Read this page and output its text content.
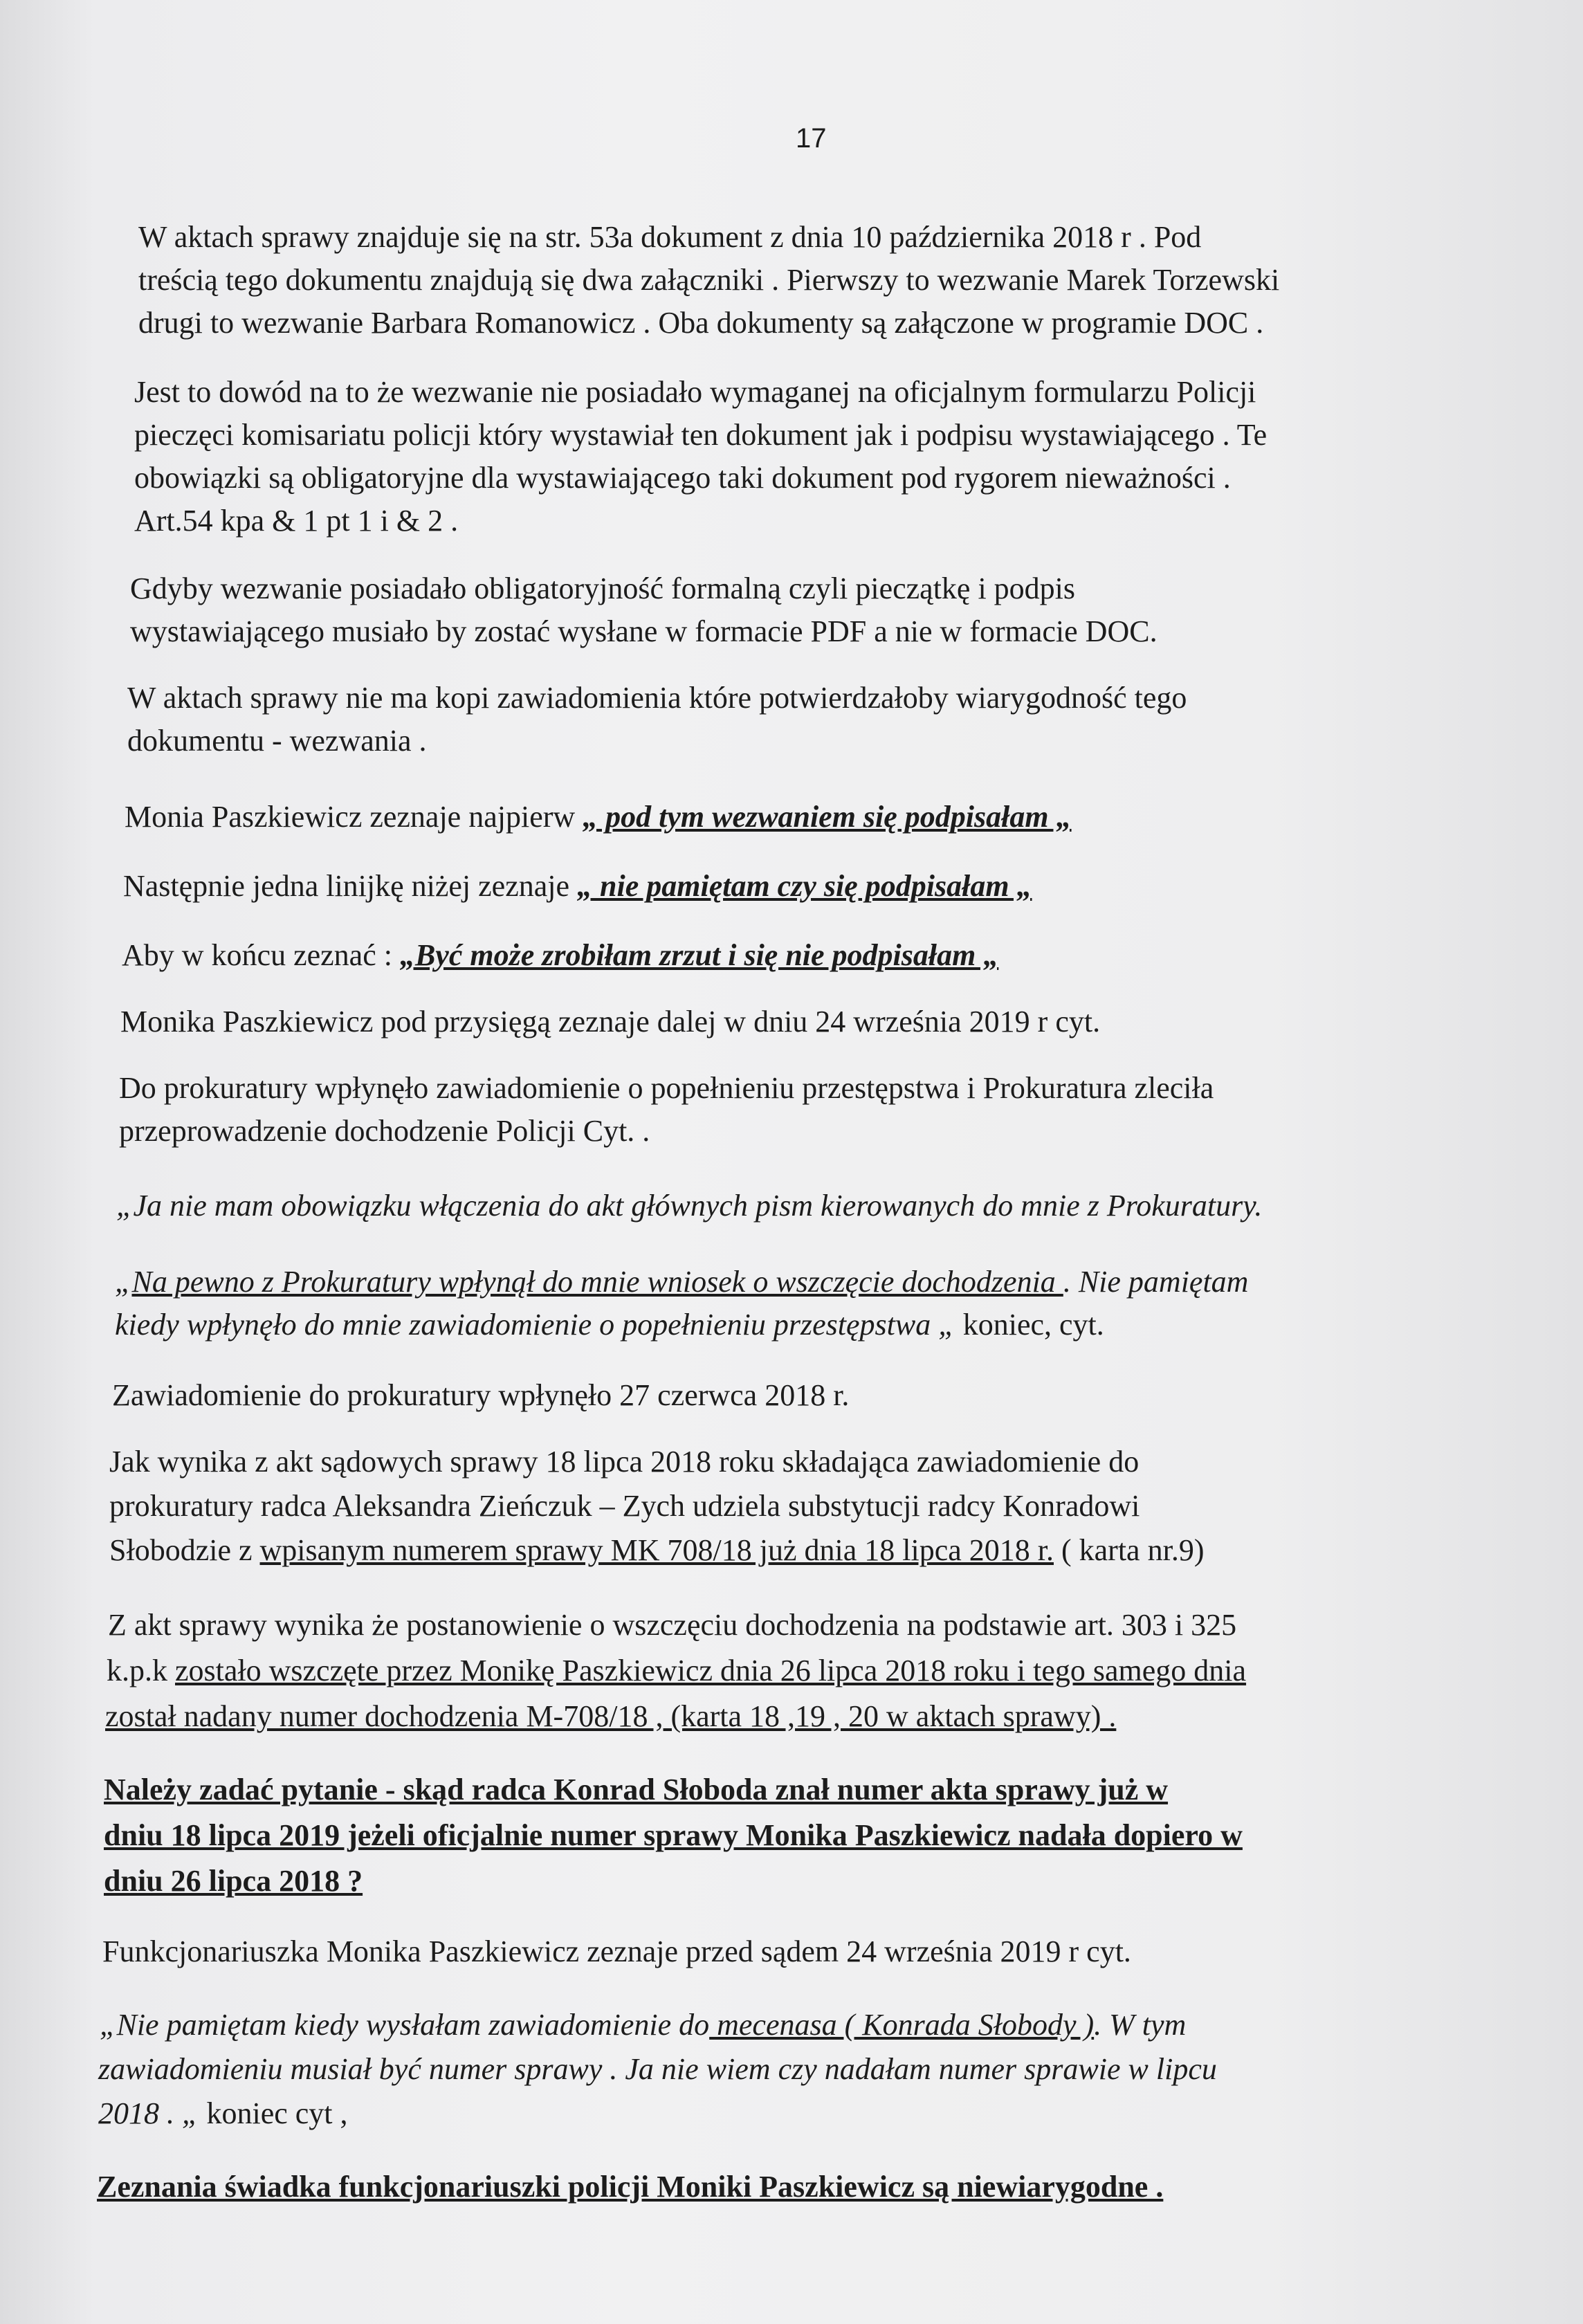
17

W aktach sprawy znajduje się na str. 53a dokument z dnia 10 października 2018 r . Pod
treścią tego dokumentu znajdują się dwa załączniki . Pierwszy to wezwanie Marek Torzewski
drugi to wezwanie Barbara Romanowicz . Oba dokumenty są załączone w programie DOC .

Jest to dowód na to że wezwanie nie posiadało wymaganej na oficjalnym formularzu Policji
pieczęci komisariatu policji który wystawiał ten dokument jak i podpisu wystawiającego . Te
obowiązki są obligatoryjne dla wystawiającego taki dokument pod rygorem nieważności .
Art.54 kpa & 1 pt 1 i & 2 .

Gdyby wezwanie posiadało obligatoryjność formalną czyli pieczątkę i podpis
wystawiającego musiało by zostać wysłane w formacie PDF a nie w formacie DOC.

W aktach sprawy nie ma kopi zawiadomienia które potwierdzałoby wiarygodność tego
dokumentu - wezwania .

Monia Paszkiewicz zeznaje najpierw „ pod tym wezwaniem się podpisałam „

Następnie jedna linijkę niżej zeznaje „ nie pamiętam czy się podpisałam „

Aby w końcu zeznać : „Być może zrobiłam zrzut i się nie podpisałam „

Monika Paszkiewicz pod przysięgą zeznaje dalej w dniu 24 września 2019 r cyt.

Do prokuratury wpłynęło zawiadomienie o popełnieniu przestępstwa i Prokuratura zleciła
przeprowadzenie dochodzenie Policji Cyt. .

„Ja nie mam obowiązku włączenia do akt głównych pism kierowanych do mnie z Prokuratury.

„Na pewno z Prokuratury wpłynął do mnie wniosek o wszczęcie dochodzenia . Nie pamiętam

kiedy wpłynęło do mnie zawiadomienie o popełnieniu przestępstwa „ koniec, cyt.

Zawiadomienie do prokuratury wpłynęło 27 czerwca 2018 r.

Jak wynika z akt sądowych sprawy 18 lipca 2018 roku składająca zawiadomienie do

prokuratury radca Aleksandra Zieńczuk – Zych udziela substytucji radcy Konradowi

Słobodzie z wpisanym numerem sprawy MK 708/18 już dnia 18 lipca 2018 r. ( karta nr.9)

Z akt sprawy wynika że postanowienie o wszczęciu dochodzenia na podstawie art. 303 i 325

k.p.k zostało wszczęte przez Monikę Paszkiewicz dnia 26 lipca 2018 roku i tego samego dnia

został nadany numer dochodzenia M-708/18 , (karta 18 ,19 , 20 w aktach sprawy) .

Należy zadać pytanie - skąd radca Konrad Słoboda znał numer akta sprawy już w

dniu 18 lipca 2019 jeżeli oficjalnie numer sprawy Monika Paszkiewicz nadała dopiero w

dniu 26 lipca 2018 ?

Funkcjonariuszka Monika Paszkiewicz zeznaje przed sądem 24 września 2019 r cyt.

„Nie pamiętam kiedy wysłałam zawiadomienie do mecenasa ( Konrada Słobody ). W tym

zawiadomieniu musiał być numer sprawy . Ja nie wiem czy nadałam numer sprawie w lipcu

2018 . „ koniec cyt ,

Zeznania świadka funkcjonariuszki policji Moniki Paszkiewicz są niewiarygodne .
